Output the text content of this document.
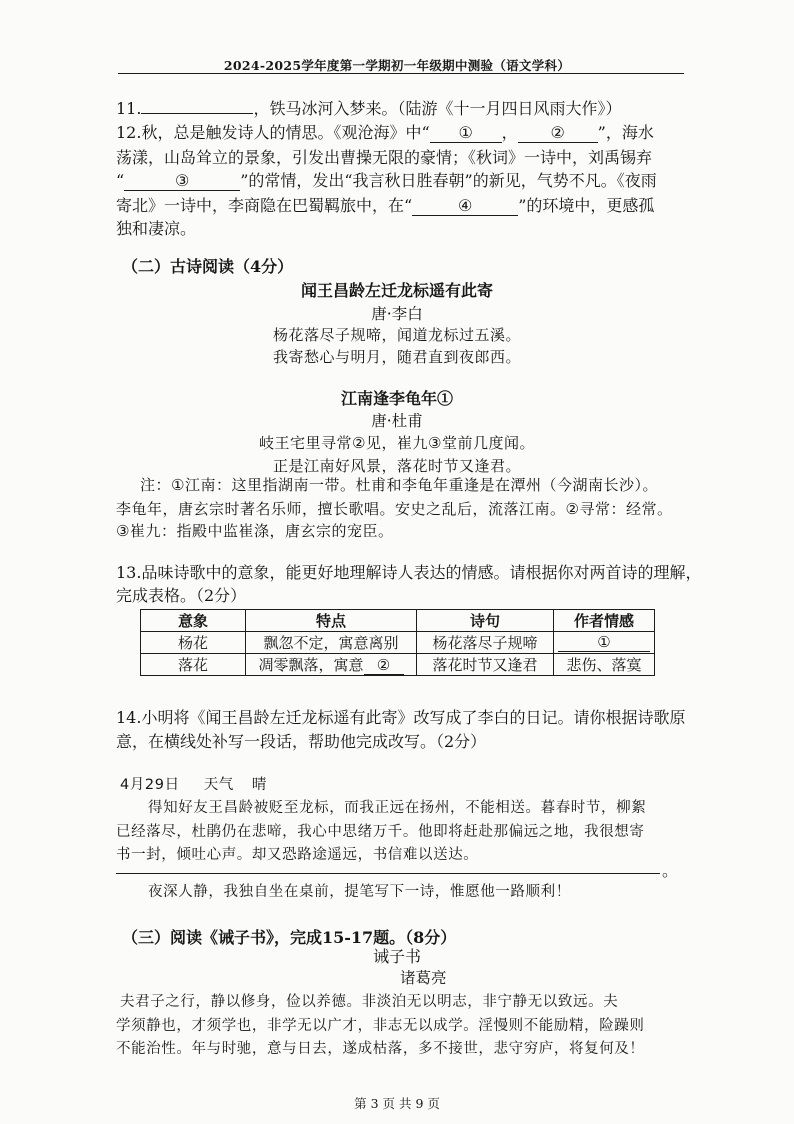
2024-2025学年度第一学期初一年级期中测验（语文学科）
11.	，铁马冰河入梦来。（陆游《十一月四日风雨大作》）
12.秋，总是触发诗人的情思。《观沧海》中“ ① ， ② ”，海水
荡漾，山岛耸立的景象，引发出曹操无限的豪情；《秋词》一诗中，刘禹锡弃
“	③	”的常情，发出“我言秋日胜春朝”的新见，气势不凡。《夜雨
寄北》一诗中，李商隐在巴蜀羁旅中，在“	④	”的环境中，更感孤
独和凄凉。
（二）古诗阅读（4分）
闻王昌龄左迁龙标遥有此寄
唐·李白
杨花落尽子规啼，闻道龙标过五溪。
我寄愁心与明月，随君直到夜郎西。
江南逢李龟年①
唐·杜甫
岐王宅里寻常②见，崔九③堂前几度闻。
正是江南好风景，落花时节又逢君。
注：①江南：这里指湖南一带。杜甫和李龟年重逢是在潭州（今湖南长沙）。
李龟年，唐玄宗时著名乐师，擅长歌唱。安史之乱后，流落江南。②寻常：经常。
③崔九：指殿中监崔涤，唐玄宗的宠臣。
13.品味诗歌中的意象，能更好地理解诗人表达的情感。请根据你对两首诗的理解，
完成表格。（2分）
意象	特点	诗句	作者情感
杨花	飘忽不定，寓意离别	杨花落尽子规啼	①
落花	凋零飘落，寓意 ②	落花时节又逢君	悲伤、落寞
14.小明将《闻王昌龄左迁龙标遥有此寄》改写成了李白的日记。请你根据诗歌原
意，在横线处补写一段话，帮助他完成改写。（2分）
4月29日 天气 晴
得知好友王昌龄被贬至龙标，而我正远在扬州，不能相送。暮春时节，柳絮
已经落尽，杜鹃仍在悲啼，我心中思绪万千。他即将赶赴那偏远之地，我很想寄
书一封，倾吐心声。却又恐路途遥远，书信难以送达。
。
夜深人静，我独自坐在桌前，提笔写下一诗，惟愿他一路顺利！
（三）阅读《诫子书》，完成15-17题。（8分）
诫子书
诸葛亮
夫君子之行，静以修身，俭以养德。非淡泊无以明志，非宁静无以致远。夫
学须静也，才须学也，非学无以广才，非志无以成学。淫慢则不能励精，险躁则
不能治性。年与时驰，意与日去，遂成枯落，多不接世，悲守穷庐，将复何及！
第 3 页 共 9 页
